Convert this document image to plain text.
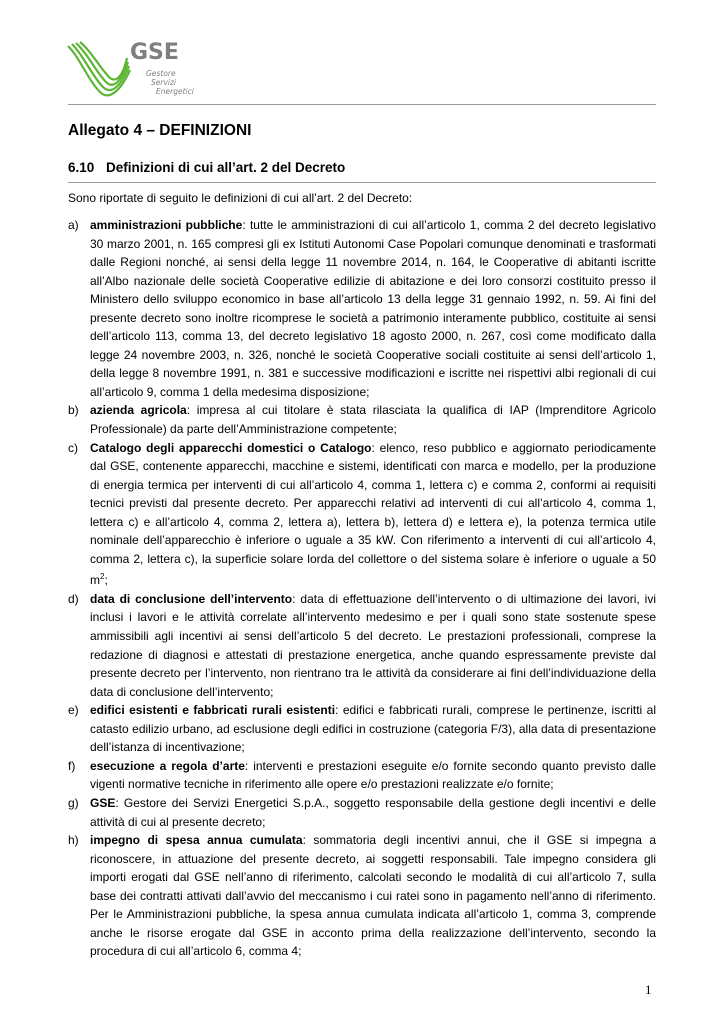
GSE
Gestore
Servizi
Energetici
Allegato 4 – DEFINIZIONI
6.10 Definizioni di cui all’art. 2 del Decreto
Sono riportate di seguito le definizioni di cui all’art. 2 del Decreto:
a) amministrazioni pubbliche: tutte le amministrazioni di cui all’articolo 1, comma 2 del decreto legislativo 30 marzo 2001, n. 165 compresi gli ex Istituti Autonomi Case Popolari comunque denominati e trasformati dalle Regioni nonché, ai sensi della legge 11 novembre 2014, n. 164, le Cooperative di abitanti iscritte all’Albo nazionale delle società Cooperative edilizie di abitazione e dei loro consorzi costituito presso il Ministero dello sviluppo economico in base all’articolo 13 della legge 31 gennaio 1992, n. 59. Ai fini del presente decreto sono inoltre ricomprese le società a patrimonio interamente pubblico, costituite ai sensi dell’articolo 113, comma 13, del decreto legislativo 18 agosto 2000, n. 267, così come modificato dalla legge 24 novembre 2003, n. 326, nonché le società Cooperative sociali costituite ai sensi dell’articolo 1, della legge 8 novembre 1991, n. 381 e successive modificazioni e iscritte nei rispettivi albi regionali di cui all’articolo 9, comma 1 della medesima disposizione;
b) azienda agricola: impresa al cui titolare è stata rilasciata la qualifica di IAP (Imprenditore Agricolo Professionale) da parte dell’Amministrazione competente;
c)	Catalogo degli apparecchi domestici o Catalogo: elenco, reso pubblico e aggiornato periodicamente dal GSE, contenente apparecchi, macchine e sistemi, identificati con marca e modello, per la produzione di energia termica per interventi di cui all’articolo 4, comma 1, lettera c) e comma 2, conformi ai requisiti tecnici previsti dal presente decreto. Per apparecchi relativi ad interventi di cui all’articolo 4, comma 1, lettera c) e all’articolo 4, comma 2, lettera a), lettera b), lettera d) e lettera e), la potenza termica utile nominale dell’apparecchio è inferiore o uguale a 35 kW. Con riferimento a interventi di cui all’articolo 4, comma 2, lettera c), la superficie solare lorda del collettore o del sistema solare è inferiore o uguale a 50 $m^2$;
d) data di conclusione dell’intervento: data di effettuazione dell’intervento o di ultimazione dei lavori, ivi inclusi i lavori e le attività correlate all’intervento medesimo e per i quali sono state sostenute spese ammissibili agli incentivi ai sensi dell’articolo 5 del decreto. Le prestazioni professionali, comprese la redazione di diagnosi e attestati di prestazione energetica, anche quando espressamente previste dal presente decreto per l’intervento, non rientrano tra le attività da considerare ai fini dell’individuazione della data di conclusione dell’intervento;
e) edifici esistenti e fabbricati rurali esistenti: edifici e fabbricati rurali, comprese le pertinenze, iscritti al catasto edilizio urbano, ad esclusione degli edifici in costruzione (categoria F/3), alla data di presentazione dell’istanza di incentivazione;
f)	esecuzione a regola d’arte: interventi e prestazioni eseguite e/o fornite secondo quanto previsto dalle vigenti normative tecniche in riferimento alle opere e/o prestazioni realizzate e/o fornite;
g) GSE: Gestore dei Servizi Energetici S.p.A., soggetto responsabile della gestione degli incentivi e delle attività di cui al presente decreto;
h) impegno di spesa annua cumulata: sommatoria degli incentivi annui, che il GSE si impegna a riconoscere, in attuazione del presente decreto, ai soggetti responsabili. Tale impegno considera gli importi erogati dal GSE nell’anno di riferimento, calcolati secondo le modalità di cui all’articolo 7, sulla base dei contratti attivati dall’avvio del meccanismo i cui ratei sono in pagamento nell’anno di riferimento. Per le Amministrazioni pubbliche, la spesa annua cumulata indicata all’articolo 1, comma 3, comprende anche le risorse erogate dal GSE in acconto prima della realizzazione dell’intervento, secondo la procedura di cui all’articolo 6, comma 4;
1
